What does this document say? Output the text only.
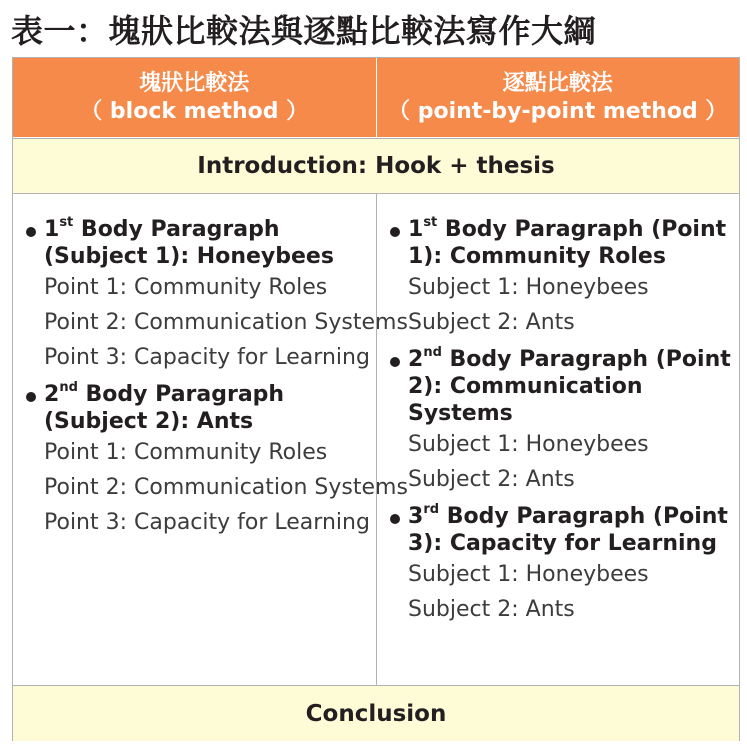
表一：塊狀比較法與逐點比較法寫作大綱
塊狀比較法
（ block method ）
逐點比較法
（ point-by-point method ）
Introduction: Hook + thesis
1st Body Paragraph (Subject 1): Honeybees
Point 1: Community Roles
Point 2: Communication Systems
Point 3: Capacity for Learning
2nd Body Paragraph (Subject 2): Ants
Point 1: Community Roles
Point 2: Communication Systems
Point 3: Capacity for Learning
1st Body Paragraph (Point 1): Community Roles
Subject 1: Honeybees
Subject 2: Ants
2nd Body Paragraph (Point 2): Communication Systems
Subject 1: Honeybees
Subject 2: Ants
3rd Body Paragraph (Point 3): Capacity for Learning
Subject 1: Honeybees
Subject 2: Ants
Conclusion
